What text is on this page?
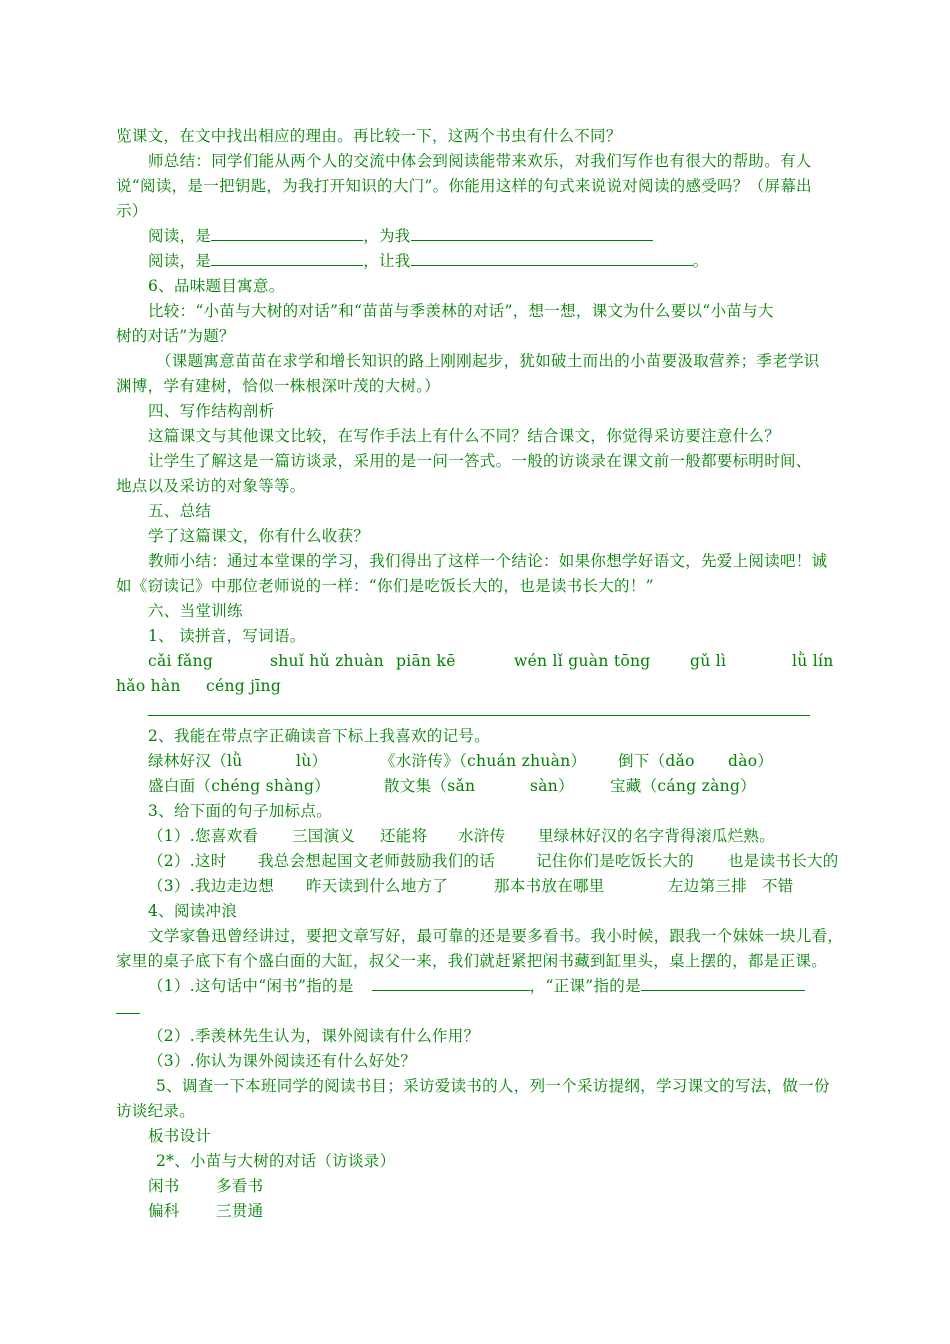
览课文，在文中找出相应的理由。再比较一下，这两个书虫有什么不同？
师总结：同学们能从两个人的交流中体会到阅读能带来欢乐，对我们写作也有很大的帮助。有人
说“阅读，是一把钥匙，为我打开知识的大门”。你能用这样的句式来说说对阅读的感受吗？（屏幕出
示）
阅读，是	，为我
阅读，是	，让我	。
6、品味题目寓意。
比较：“小苗与大树的对话”和“苗苗与季羡林的对话”，想一想，课文为什么要以“小苗与大
树的对话”为题？
（课题寓意苗苗在求学和增长知识的路上刚刚起步，犹如破土而出的小苗要汲取营养；季老学识
渊博，学有建树，恰似一株根深叶茂的大树。）
四、写作结构剖析
这篇课文与其他课文比较，在写作手法上有什么不同？结合课文，你觉得采访要注意什么？
让学生了解这是一篇访谈录，采用的是一问一答式。一般的访谈录在课文前一般都要标明时间、
地点以及采访的对象等等。
五、总结
学了这篇课文，你有什么收获？
教师小结：通过本堂课的学习，我们得出了这样一个结论：如果你想学好语文，先爱上阅读吧！诚
如《窃读记》中那位老师说的一样：“你们是吃饭长大的，也是读书长大的！”
六、当堂训练
1、 读拼音，写词语。
cǎi fǎng	shuǐ hǔ zhuàn piān kē	wén lǐ guàn tōng	gǔ lì	lǜ lín
hǎo hàn céng jīng
2、我能在带点字正确读音下标上我喜欢的记号。
绿林好汉（lǜ	lù）	《水浒传》（chuán zhuàn） 倒下（dǎo dào）
盛白面（chéng shàng）	散文集（sǎn	sàn） 宝藏（cáng zàng）
3、给下面的句子加标点。
（1）.您喜欢看 三国演义 还能将 水浒传 里绿林好汉的名字背得滚瓜烂熟。
（2）.这时 我总会想起国文老师鼓励我们的话	记住你们是吃饭长大的 也是读书长大的
（3）.我边走边想 昨天读到什么地方了	那本书放在哪里	左边第三排 不错
4、阅读冲浪
文学家鲁迅曾经讲过，要把文章写好，最可靠的还是要多看书。我小时候，跟我一个妹妹一块儿看，
家里的桌子底下有个盛白面的大缸，叔父一来，我们就赶紧把闲书藏到缸里头，桌上摆的，都是正课。
（1）.这句话中“闲书”指的是	，“正课”指的是
（2）.季羡林先生认为，课外阅读有什么作用？
（3）.你认为课外阅读还有什么好处？
5、调查一下本班同学的阅读书目；采访爱读书的人，列一个采访提纲，学习课文的写法，做一份
访谈纪录。
板书设计
2*、小苗与大树的对话（访谈录）
闲书 多看书
偏科 三贯通
